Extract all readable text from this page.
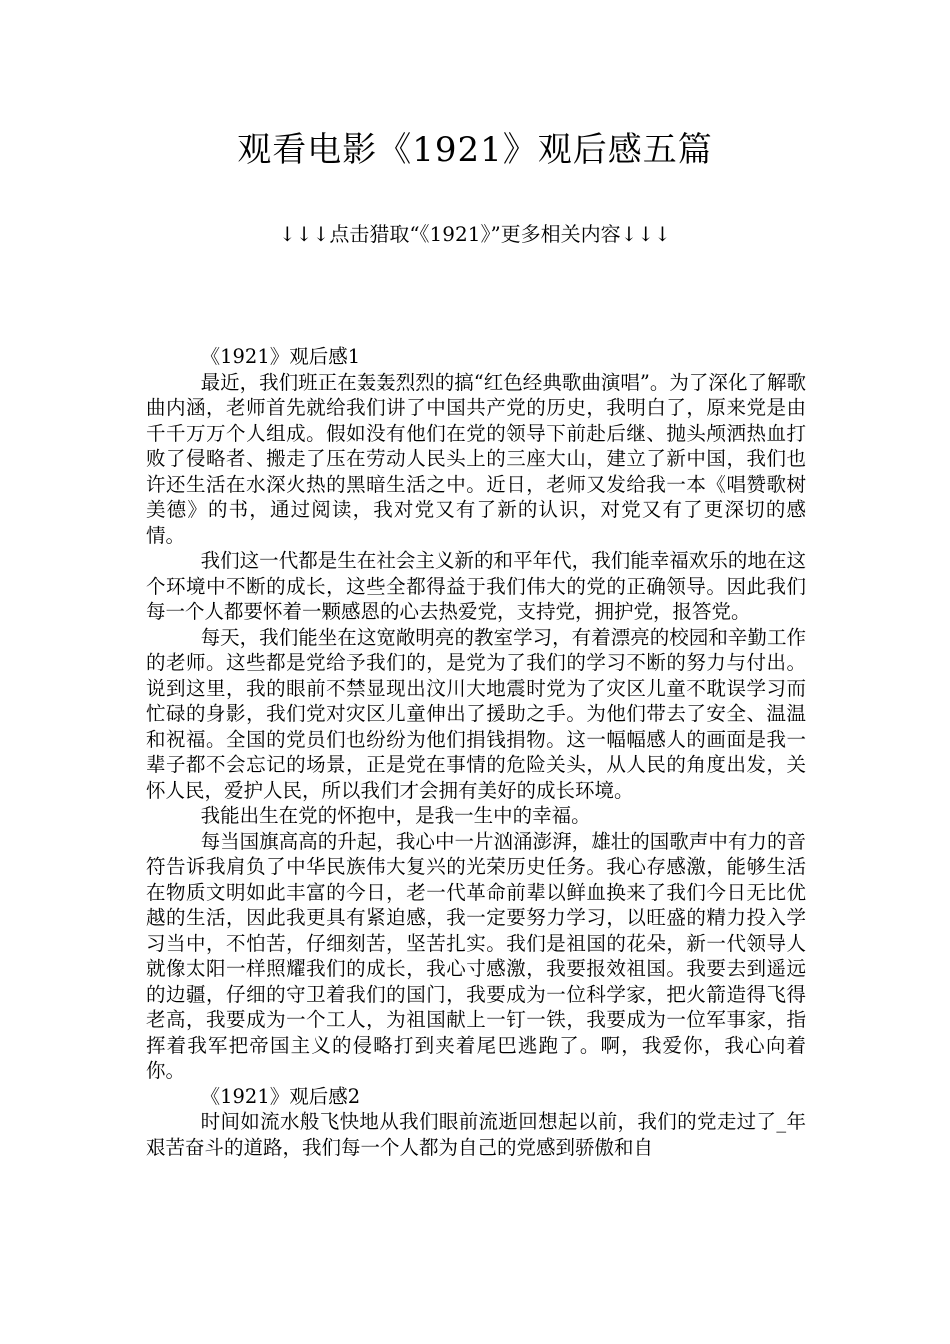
观看电影《1921》观后感五篇
↓↓↓点击猎取“《1921》”更多相关内容↓↓↓

《1921》观后感1

最近，我们班正在轰轰烈烈的搞“红色经典歌曲演唱”。为了深化了解歌曲内涵，老师首先就给我们讲了中国共产党的历史，我明白了，原来党是由千千万万个人组成。假如没有他们在党的领导下前赴后继、抛头颅洒热血打败了侵略者、搬走了压在劳动人民头上的三座大山，建立了新中国，我们也许还生活在水深火热的黑暗生活之中。近日，老师又发给我一本《唱赞歌树美德》的书，通过阅读，我对党又有了新的认识，对党又有了更深切的感情。

我们这一代都是生在社会主义新的和平年代，我们能幸福欢乐的地在这个环境中不断的成长，这些全都得益于我们伟大的党的正确领导。因此我们每一个人都要怀着一颗感恩的心去热爱党，支持党，拥护党，报答党。

每天，我们能坐在这宽敞明亮的教室学习，有着漂亮的校园和辛勤工作的老师。这些都是党给予我们的，是党为了我们的学习不断的努力与付出。说到这里，我的眼前不禁显现出汶川大地震时党为了灾区儿童不耽误学习而忙碌的身影，我们党对灾区儿童伸出了援助之手。为他们带去了安全、温温和祝福。全国的党员们也纷纷为他们捐钱捐物。这一幅幅感人的画面是我一辈子都不会忘记的场景，正是党在事情的危险关头，从人民的角度出发，关怀人民，爱护人民，所以我们才会拥有美好的成长环境。

我能出生在党的怀抱中，是我一生中的幸福。

每当国旗高高的升起，我心中一片汹涌澎湃，雄壮的国歌声中有力的音符告诉我肩负了中华民族伟大复兴的光荣历史任务。我心存感激，能够生活在物质文明如此丰富的今日，老一代革命前辈以鲜血换来了我们今日无比优越的生活，因此我更具有紧迫感，我一定要努力学习，以旺盛的精力投入学习当中，不怕苦，仔细刻苦，坚苦扎实。我们是祖国的花朵，新一代领导人就像太阳一样照耀我们的成长，我心寸感激，我要报效祖国。我要去到遥远的边疆，仔细的守卫着我们的国门，我要成为一位科学家，把火箭造得飞得老高，我要成为一个工人，为祖国献上一钉一铁，我要成为一位军事家，指挥着我军把帝国主义的侵略打到夹着尾巴逃跑了。啊，我爱你，我心向着你。

《1921》观后感2

时间如流水般飞快地从我们眼前流逝回想起以前，我们的党走过了_年艰苦奋斗的道路，我们每一个人都为自己的党感到骄傲和自
